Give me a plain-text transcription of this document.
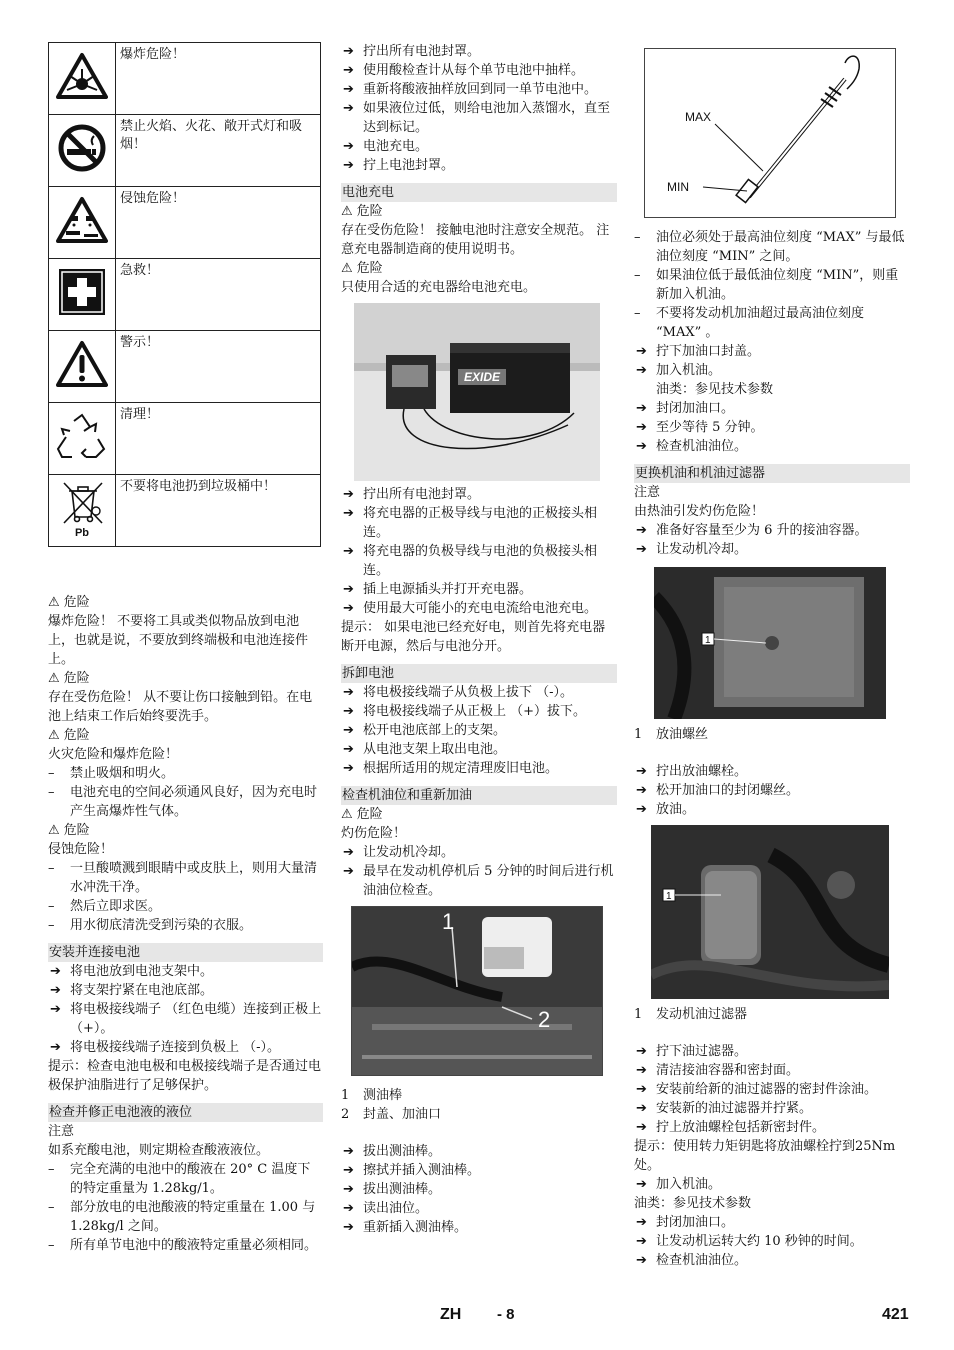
	爆炸危险！
	禁止火焰、火花、敞开式灯和吸烟！
	侵蚀危险！
	急救！
	警示！
	清理！

Pb	不要将电池扔到垃圾桶中！

⚠ 危险

爆炸危险！ 不要将工具或类似物品放到电池上，也就是说，不要放到终端极和电池连接件上。

⚠ 危险

存在受伤危险！ 从不要让伤口接触到铅。在电池上结束工作后始终要洗手。

⚠ 危险

火灾危险和爆炸危险！

– 禁止吸烟和明火。

– 电池充电的空间必须通风良好，因为充电时产生高爆炸性气体。

⚠ 危险

侵蚀危险！

– 一旦酸喷溅到眼睛中或皮肤上，则用大量清水冲洗干净。

– 然后立即求医。

– 用水彻底清洗受到污染的衣服。

安装并连接电池

➔ 将电池放到电池支架中。

➔ 将支架拧紧在电池底部。

➔ 将电极接线端子 （红色电缆）连接到正极上 （+）。

➔ 将电极接线端子连接到负极上 （-）。

提示：检查电池电极和电极接线端子是否通过电极保护油脂进行了足够保护。

检查并修正电池液的液位

注意

如系充酸电池，则定期检查酸液液位。

– 完全充满的电池中的酸液在 20° C 温度下的特定重量为 1.28kg/1。

– 部分放电的电池酸液的特定重量在 1.00 与 1.28kg/l 之间。

– 所有单节电池中的酸液特定重量必须相同。

➔ 拧出所有电池封罩。

➔ 使用酸检查计从每个单节电池中抽样。

➔ 重新将酸液抽样放回到同一单节电池中。

➔ 如果液位过低，则给电池加入蒸馏水，直至达到标记。

➔ 电池充电。

➔ 拧上电池封罩。

电池充电

⚠ 危险

存在受伤危险！ 接触电池时注意安全规范。 注意充电器制造商的使用说明书。

⚠ 危险

只使用合适的充电器给电池充电。

EXIDE

➔ 拧出所有电池封罩。

➔ 将充电器的正极导线与电池的正极接头相连。

➔ 将充电器的负极导线与电池的负极接头相连。

➔ 插上电源插头并打开充电器。

➔ 使用最大可能小的充电电流给电池充电。

提示： 如果电池已经充好电，则首先将充电器断开电源，然后与电池分开。

拆卸电池

➔ 将电极接线端子从负极上拔下 （-）。

➔ 将电极接线端子从正极上 （+）拔下。

➔ 松开电池底部上的支架。

➔ 从电池支架上取出电池。

➔ 根据所适用的规定清理废旧电池。

检查机油位和重新加油

⚠ 危险

灼伤危险！

➔ 让发动机冷却。

➔ 最早在发动机停机后 5 分钟的时间后进行机油油位检查。

1
2

1 测油棒

2 封盖、加油口

➔ 拔出测油棒。

➔ 擦拭并插入测油棒。

➔ 拔出测油棒。

➔ 读出油位。

➔ 重新插入测油棒。

MAX
MIN

– 油位必须处于最高油位刻度 “MAX” 与最低油位刻度 “MIN” 之间。

– 如果油位低于最低油位刻度 “MIN”，则重新加入机油。

– 不要将发动机加油超过最高油位刻度 “MAX” 。

➔ 拧下加油口封盖。

➔ 加入机油。

油类：参见技术参数

➔ 封闭加油口。

➔ 至少等待 5 分钟。

➔ 检查机油油位。

更换机油和机油过滤器

注意

由热油引发灼伤危险！

➔ 准备好容量至少为 6 升的接油容器。

➔ 让发动机冷却。

1

1 放油螺丝

➔ 拧出放油螺栓。

➔ 松开加油口的封闭螺丝。

➔ 放油。

1

1 发动机油过滤器

➔ 拧下油过滤器。

➔ 清洁接油容器和密封面。

➔ 安装前给新的油过滤器的密封件涂油。

➔ 安装新的油过滤器并拧紧。

➔ 拧上放油螺栓包括新密封件。

提示：使用转力矩钥匙将放油螺栓拧到25Nm 处。

➔ 加入机油。

油类：参见技术参数

➔ 封闭加油口。

➔ 让发动机运转大约 10 秒钟的时间。

➔ 检查机油油位。

ZH - 8	421
